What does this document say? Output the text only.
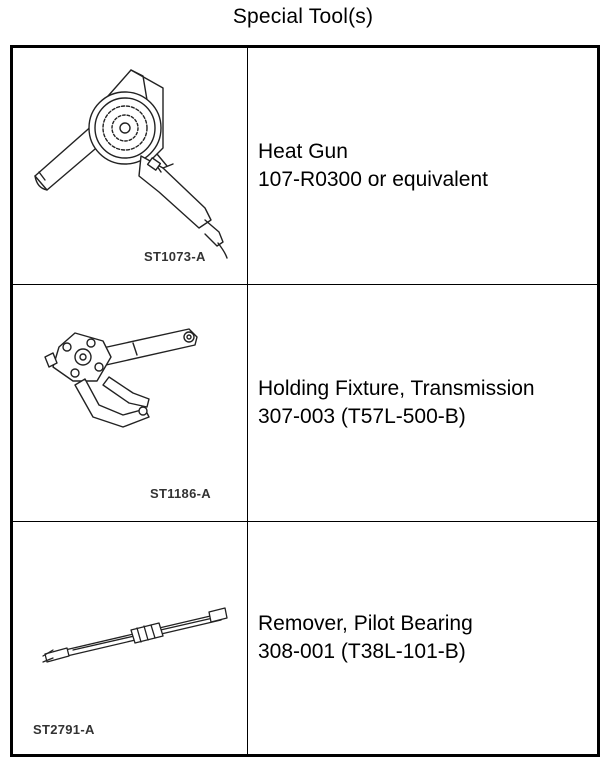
Special Tool(s)
ST1073-A
Heat Gun
107-R0300 or equivalent
ST1186-A
Holding Fixture, Transmission
307-003 (T57L-500-B)
ST2791-A
Remover, Pilot Bearing
308-001 (T38L-101-B)
